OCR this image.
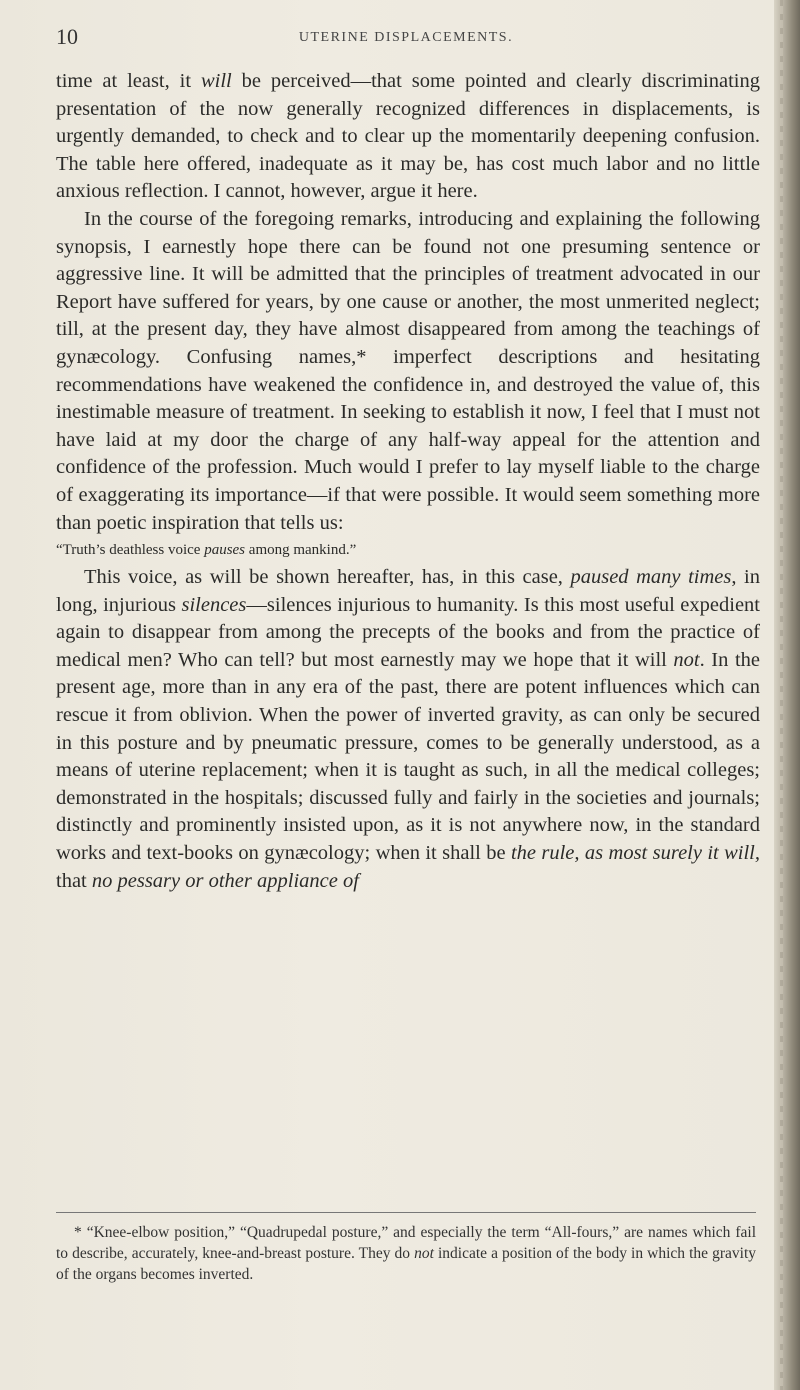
10	UTERINE DISPLACEMENTS.

time at least, it will be perceived—that some pointed and clearly discriminating presentation of the now generally recognized differences in displacements, is urgently demanded, to check and to clear up the momentarily deepening confusion. The table here offered, inadequate as it may be, has cost much labor and no little anxious reflection. I cannot, however, argue it here.

In the course of the foregoing remarks, introducing and explaining the following synopsis, I earnestly hope there can be found not one presuming sentence or aggressive line. It will be admitted that the principles of treatment advocated in our Report have suffered for years, by one cause or another, the most unmerited neglect; till, at the present day, they have almost disappeared from among the teachings of gynæcology. Confusing names,* imperfect descriptions and hesitating recommendations have weakened the confidence in, and destroyed the value of, this inestimable measure of treatment. In seeking to establish it now, I feel that I must not have laid at my door the charge of any half-way appeal for the attention and confidence of the profession. Much would I prefer to lay myself liable to the charge of exaggerating its importance—if that were possible. It would seem something more than poetic inspiration that tells us:

“Truth’s deathless voice pauses among mankind.”

This voice, as will be shown hereafter, has, in this case, paused many times, in long, injurious silences—silences injurious to humanity. Is this most useful expedient again to disappear from among the precepts of the books and from the practice of medical men? Who can tell? but most earnestly may we hope that it will not. In the present age, more than in any era of the past, there are potent influences which can rescue it from oblivion. When the power of inverted gravity, as can only be secured in this posture and by pneumatic pressure, comes to be generally understood, as a means of uterine replacement; when it is taught as such, in all the medical colleges; demonstrated in the hospitals; discussed fully and fairly in the societies and journals; distinctly and prominently insisted upon, as it is not anywhere now, in the standard works and text-books on gynæcology; when it shall be the rule, as most surely it will, that no pessary or other appliance of

* “Knee-elbow position,” “Quadrupedal posture,” and especially the term “All-fours,” are names which fail to describe, accurately, knee-and-breast posture. They do not indicate a position of the body in which the gravity of the organs becomes inverted.
